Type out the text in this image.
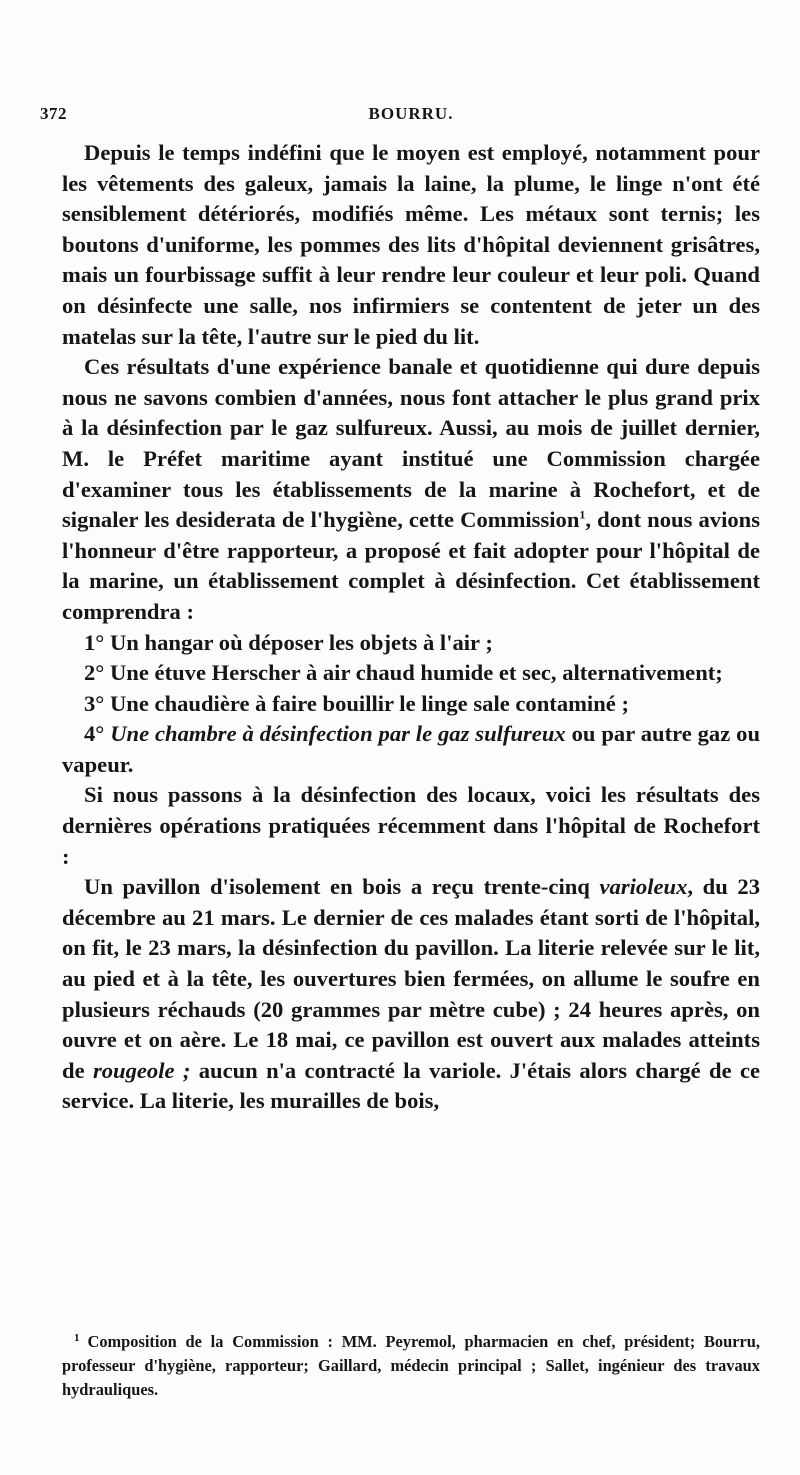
372	BOURRU.

Depuis le temps indéfini que le moyen est employé, notamment pour les vêtements des galeux, jamais la laine, la plume, le linge n'ont été sensiblement détériorés, modifiés même. Les métaux sont ternis; les boutons d'uniforme, les pommes des lits d'hôpital deviennent grisâtres, mais un fourbissage suffit à leur rendre leur couleur et leur poli. Quand on désinfecte une salle, nos infirmiers se contentent de jeter un des matelas sur la tête, l'autre sur le pied du lit.

Ces résultats d'une expérience banale et quotidienne qui dure depuis nous ne savons combien d'années, nous font attacher le plus grand prix à la désinfection par le gaz sulfureux. Aussi, au mois de juillet dernier, M. le Préfet maritime ayant institué une Commission chargée d'examiner tous les établissements de la marine à Rochefort, et de signaler les desiderata de l'hygiène, cette Commission$^1$, dont nous avions l'honneur d'être rapporteur, a proposé et fait adopter pour l'hôpital de la marine, un établissement complet à désinfection. Cet établissement comprendra :

1° Un hangar où déposer les objets à l'air ;

2° Une étuve Herscher à air chaud humide et sec, alternativement;

3° Une chaudière à faire bouillir le linge sale contaminé ;

4° Une chambre à désinfection par le gaz sulfureux ou par autre gaz ou vapeur.

Si nous passons à la désinfection des locaux, voici les résultats des dernières opérations pratiquées récemment dans l'hôpital de Rochefort :

Un pavillon d'isolement en bois a reçu trente-cinq varioleux, du 23 décembre au 21 mars. Le dernier de ces malades étant sorti de l'hôpital, on fit, le 23 mars, la désinfection du pavillon. La literie relevée sur le lit, au pied et à la tête, les ouvertures bien fermées, on allume le soufre en plusieurs réchauds (20 grammes par mètre cube) ; 24 heures après, on ouvre et on aère. Le 18 mai, ce pavillon est ouvert aux malades atteints de rougeole ; aucun n'a contracté la variole. J'étais alors chargé de ce service. La literie, les murailles de bois,

$^1$ Composition de la Commission : MM. Peyremol, pharmacien en chef, président; Bourru, professeur d'hygiène, rapporteur; Gaillard, médecin principal ; Sallet, ingénieur des travaux hydrauliques.
